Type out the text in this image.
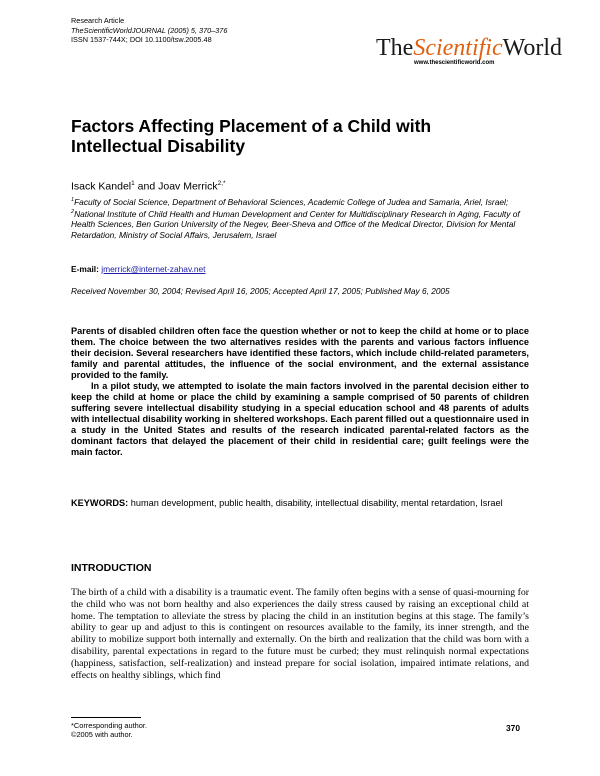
Research Article
TheScientificWorldJOURNAL (2005) 5, 370–376
ISSN 1537-744X; DOI 10.1100/tsw.2005.48	TheScientificWorld
www.thescientificworld.com
Factors Affecting Placement of a Child with Intellectual Disability
Isack Kandel$^1$ and Joav Merrick$^{2,*}$
$^1$Faculty of Social Science, Department of Behavioral Sciences, Academic College of Judea and Samaria, Ariel, Israel; $^2$National Institute of Child Health and Human Development and Center for Multidisciplinary Research in Aging, Faculty of Health Sciences, Ben Gurion University of the Negev, Beer-Sheva and Office of the Medical Director, Division for Mental Retardation, Ministry of Social Affairs, Jerusalem, Israel
E-mail: jmerrick@internet-zahav.net
Received November 30, 2004; Revised April 16, 2005; Accepted April 17, 2005; Published May 6, 2005

Parents of disabled children often face the question whether or not to keep the child at home or to place them. The choice between the two alternatives resides with the parents and various factors influence their decision. Several researchers have identified these factors, which include child-related parameters, family and parental attitudes, the influence of the social environment, and the external assistance provided to the family.

In a pilot study, we attempted to isolate the main factors involved in the parental decision either to keep the child at home or place the child by examining a sample comprised of 50 parents of children suffering severe intellectual disability studying in a special education school and 48 parents of adults with intellectual disability working in sheltered workshops. Each parent filled out a questionnaire used in a study in the United States and results of the research indicated parental-related factors as the dominant factors that delayed the placement of their child in residential care; guilt feelings were the main factor.

KEYWORDS: human development, public health, disability, intellectual disability, mental retardation, Israel
INTRODUCTION
The birth of a child with a disability is a traumatic event. The family often begins with a sense of quasi-mourning for the child who was not born healthy and also experiences the daily stress caused by raising an exceptional child at home. The temptation to alleviate the stress by placing the child in an institution begins at this stage. The family’s ability to gear up and adjust to this is contingent on resources available to the family, its inner strength, and the ability to mobilize support both internally and externally. On the birth and realization that the child was born with a disability, parental expectations in regard to the future must be curbed; they must relinquish normal expectations (happiness, satisfaction, self-realization) and instead prepare for social isolation, impaired intimate relations, and effects on healthy siblings, which find
*Corresponding author.
©2005 with author.
370
